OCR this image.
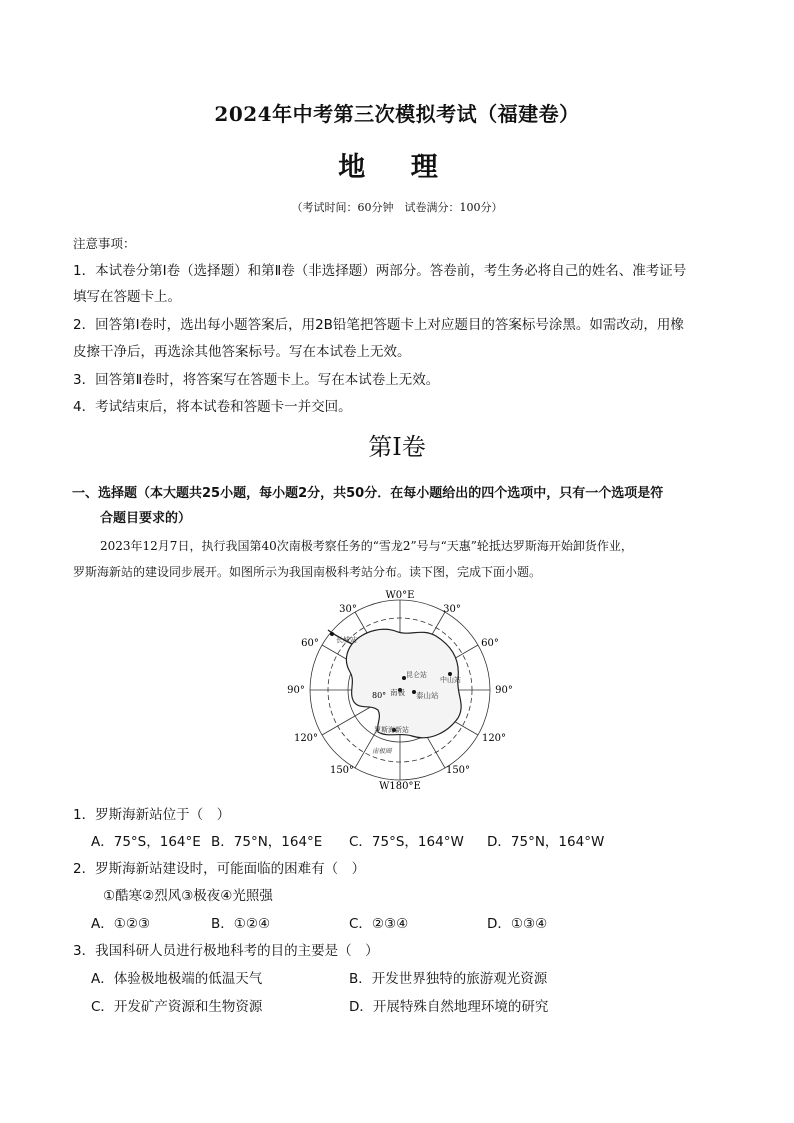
2024年中考第三次模拟考试（福建卷）
地 理
（考试时间：60分钟　试卷满分：100分）
注意事项：
1．本试卷分第Ⅰ卷（选择题）和第Ⅱ卷（非选择题）两部分。答卷前，考生务必将自己的姓名、准考证号
填写在答题卡上。
2．回答第Ⅰ卷时，选出每小题答案后，用2B铅笔把答题卡上对应题目的答案标号涂黑。如需改动，用橡
皮擦干净后，再选涂其他答案标号。写在本试卷上无效。
3．回答第Ⅱ卷时，将答案写在答题卡上。写在本试卷上无效。
4．考试结束后，将本试卷和答题卡一并交回。
第Ⅰ卷
一、选择题（本大题共25小题，每小题2分，共50分．在每小题给出的四个选项中，只有一个选项是符
合题目要求的）
2023年12月7日，执行我国第40次南极考察任务的“雪龙2”号与“天惠”轮抵达罗斯海开始卸货作业，
罗斯海新站的建设同步展开。如图所示为我国南极科考站分布。读下图，完成下面小题。
W0°E
W180°E
30°	30°
60°	60°
90°	90°
120°	120°
150°	150°
80°
长城站
昆仑站
中山站
泰山站
南极
罗斯海新站
南极圈
1．罗斯海新站位于（　）
A．75°S，164°E B．75°N，164°E C．75°S，164°W D．75°N，164°W
2．罗斯海新站建设时，可能面临的困难有（　）
①酷寒②烈风③极夜④光照强
A．①②③	B．①②④	C．②③④	D．①③④
3．我国科研人员进行极地科考的目的主要是（　）
A．体验极地极端的低温天气	B．开发世界独特的旅游观光资源
C．开发矿产资源和生物资源	D．开展特殊自然地理环境的研究
